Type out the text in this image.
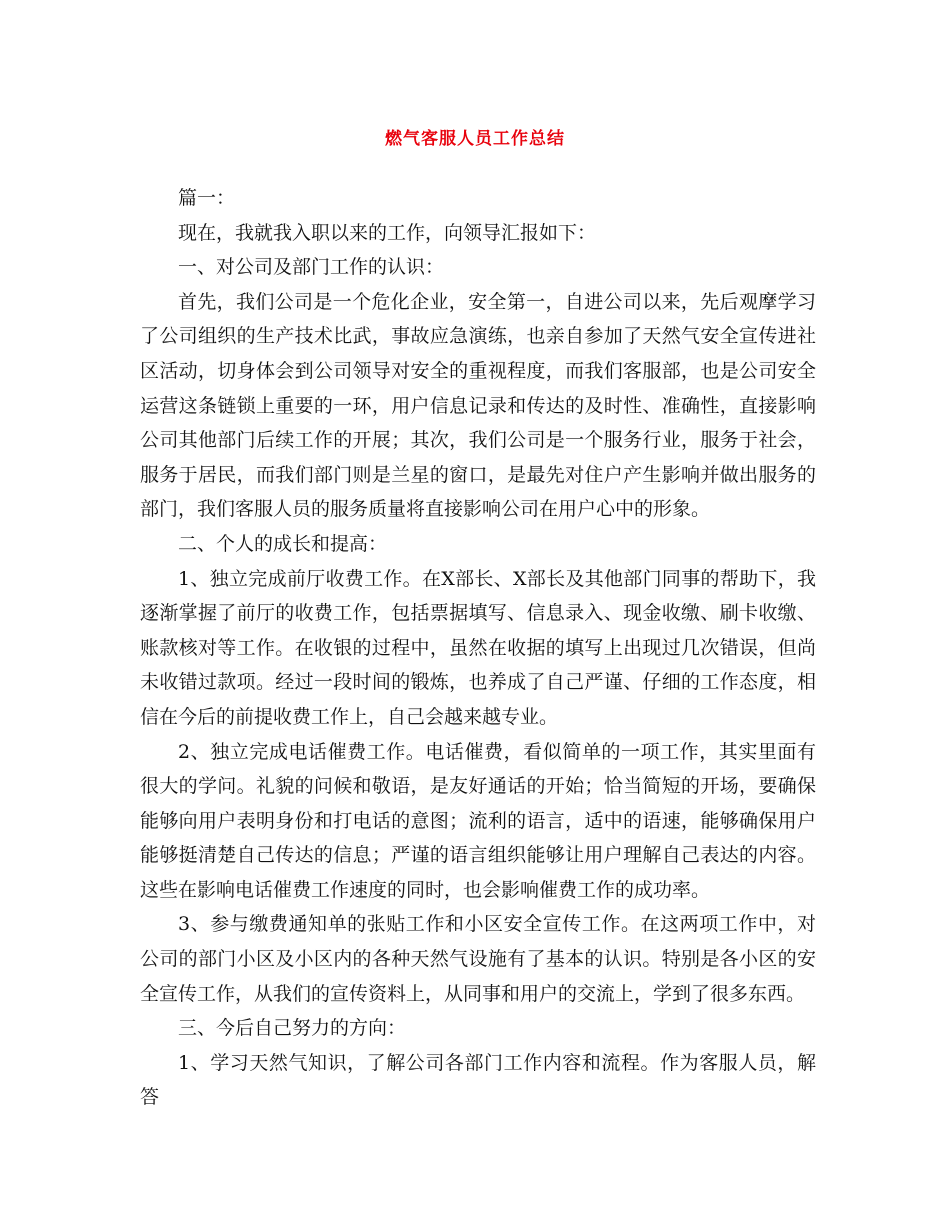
燃气客服人员工作总结

篇一：

现在，我就我入职以来的工作，向领导汇报如下：

一、对公司及部门工作的认识：

首先，我们公司是一个危化企业，安全第一，自进公司以来，先后观摩学习了公司组织的生产技术比武，事故应急演练，也亲自参加了天然气安全宣传进社区活动，切身体会到公司领导对安全的重视程度，而我们客服部，也是公司安全运营这条链锁上重要的一环，用户信息记录和传达的及时性、准确性，直接影响公司其他部门后续工作的开展；其次，我们公司是一个服务行业，服务于社会，服务于居民，而我们部门则是兰星的窗口，是最先对住户产生影响并做出服务的部门，我们客服人员的服务质量将直接影响公司在用户心中的形象。

二、个人的成长和提高：

1、独立完成前厅收费工作。在X部长、X部长及其他部门同事的帮助下，我逐渐掌握了前厅的收费工作，包括票据填写、信息录入、现金收缴、刷卡收缴、账款核对等工作。在收银的过程中，虽然在收据的填写上出现过几次错误，但尚未收错过款项。经过一段时间的锻炼，也养成了自己严谨、仔细的工作态度，相信在今后的前提收费工作上，自己会越来越专业。

2、独立完成电话催费工作。电话催费，看似简单的一项工作，其实里面有很大的学问。礼貌的问候和敬语，是友好通话的开始；恰当简短的开场，要确保能够向用户表明身份和打电话的意图；流利的语言，适中的语速，能够确保用户能够挺清楚自己传达的信息；严谨的语言组织能够让用户理解自己表达的内容。这些在影响电话催费工作速度的同时，也会影响催费工作的成功率。

3、参与缴费通知单的张贴工作和小区安全宣传工作。在这两项工作中，对公司的部门小区及小区内的各种天然气设施有了基本的认识。特别是各小区的安全宣传工作，从我们的宣传资料上，从同事和用户的交流上，学到了很多东西。

三、今后自己努力的方向：

1、学习天然气知识，了解公司各部门工作内容和流程。作为客服人员，解答
